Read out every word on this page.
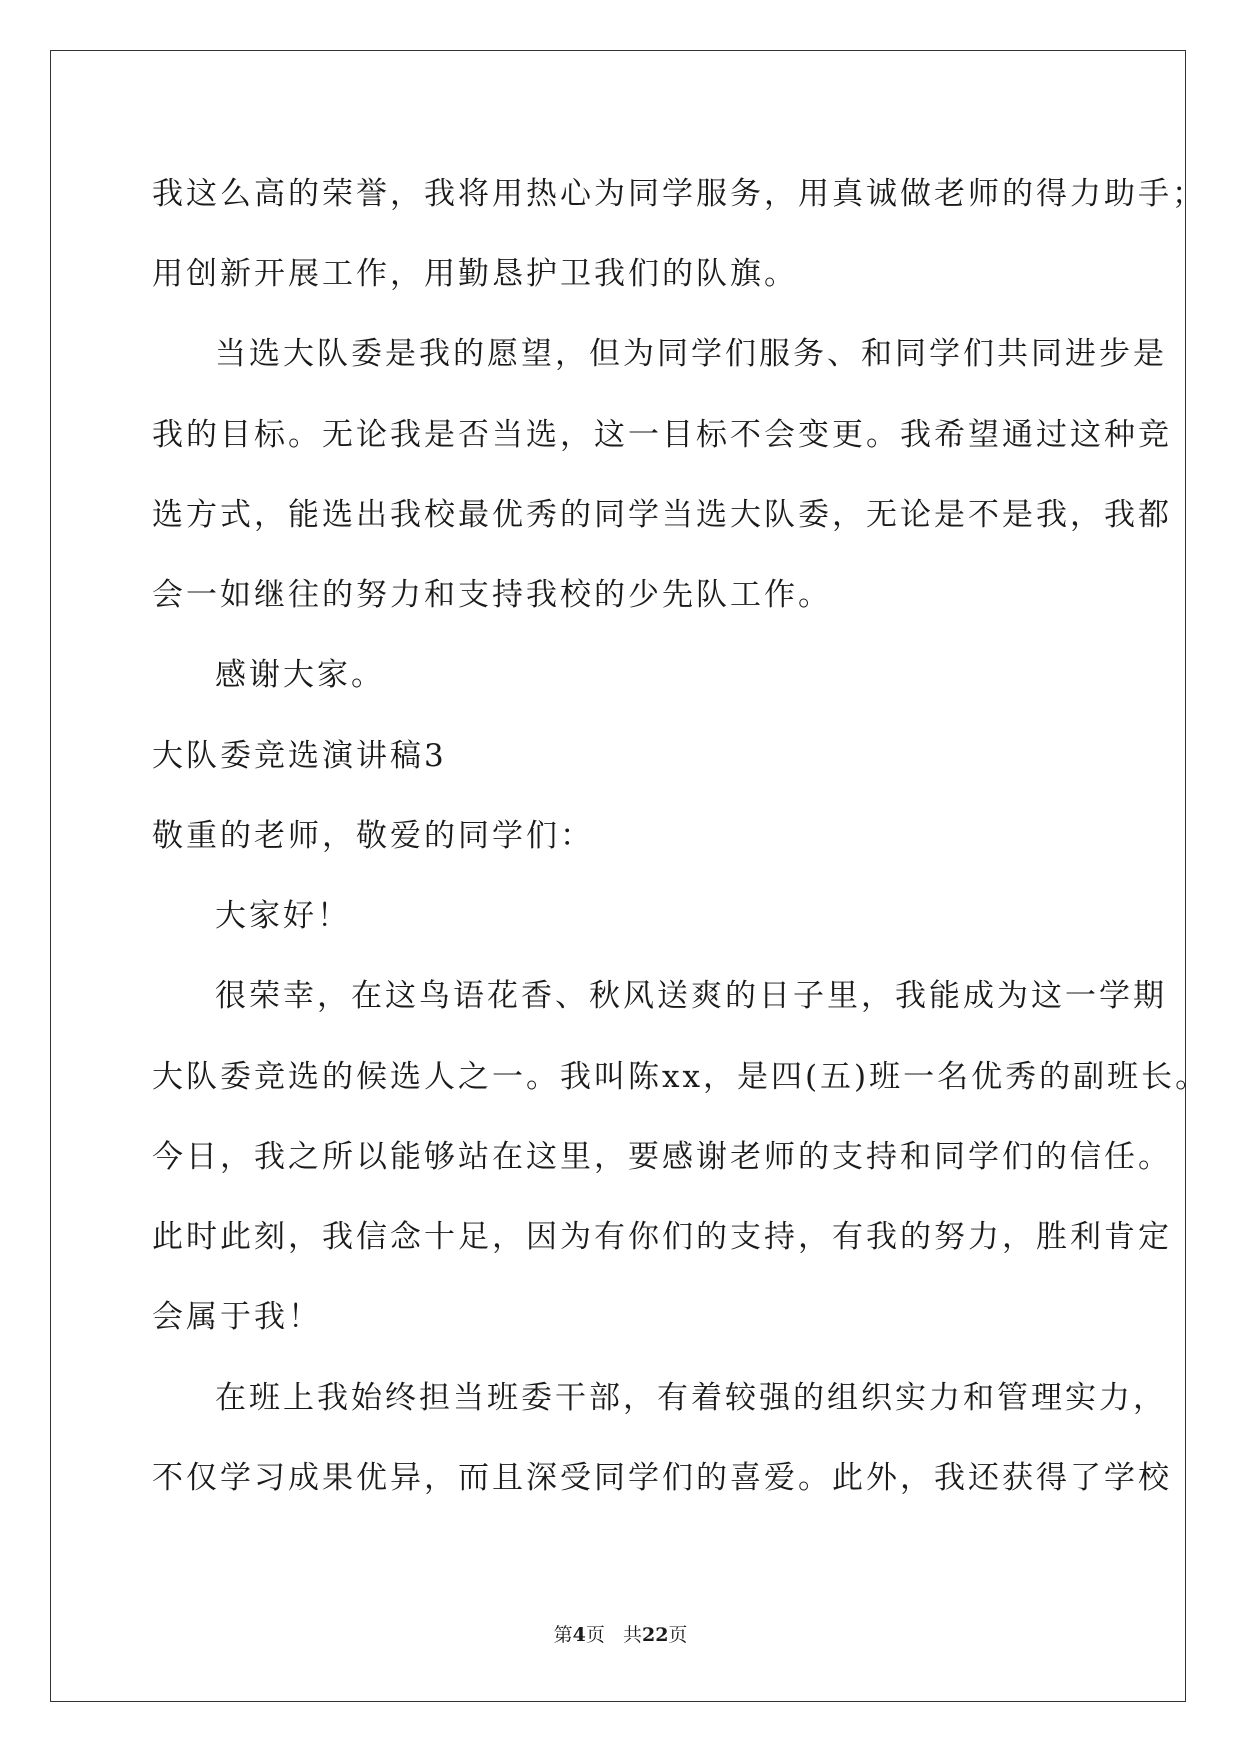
我这么高的荣誉，我将用热心为同学服务，用真诚做老师的得力助手；
用创新开展工作，用勤恳护卫我们的队旗。
当选大队委是我的愿望，但为同学们服务、和同学们共同进步是
我的目标。无论我是否当选，这一目标不会变更。我希望通过这种竞
选方式，能选出我校最优秀的同学当选大队委，无论是不是我，我都
会一如继往的努力和支持我校的少先队工作。
感谢大家。
大队委竞选演讲稿3
敬重的老师，敬爱的同学们：
大家好！
很荣幸，在这鸟语花香、秋风送爽的日子里，我能成为这一学期
大队委竞选的候选人之一。我叫陈xx，是四(五)班一名优秀的副班长。
今日，我之所以能够站在这里，要感谢老师的支持和同学们的信任。
此时此刻，我信念十足，因为有你们的支持，有我的努力，胜利肯定
会属于我！
在班上我始终担当班委干部，有着较强的组织实力和管理实力，
不仅学习成果优异，而且深受同学们的喜爱。此外，我还获得了学校
第4页 共22页
